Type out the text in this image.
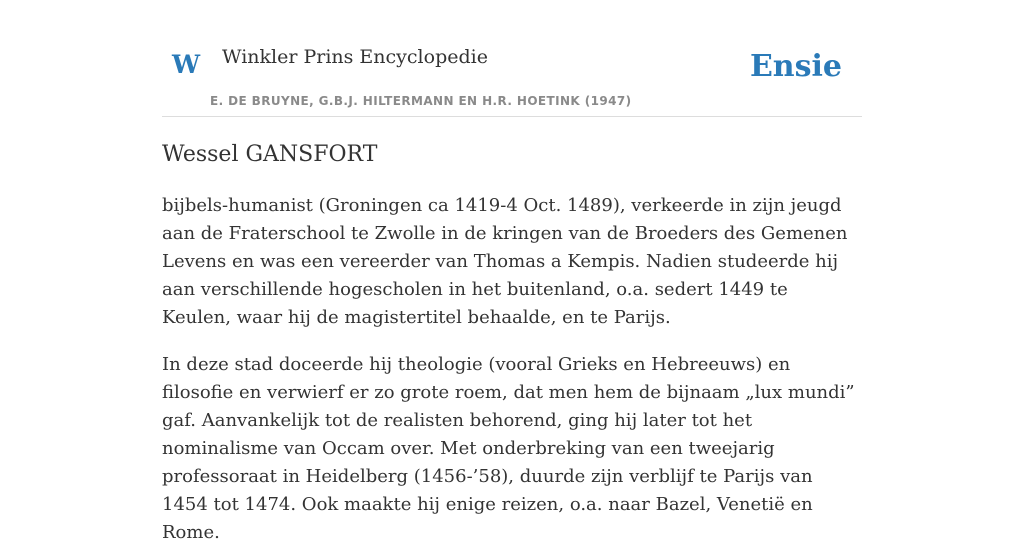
W Winkler Prins Encyclopedie
E. DE BRUYNE, G.B.J. HILTERMANN EN H.R. HOETINK (1947)
Ensie
Wessel GANSFORT

bijbels-humanist (Groningen ca 1419-4 Oct. 1489), verkeerde in zijn jeugd aan de Fraterschool te Zwolle in de kringen van de Broeders des Gemenen Levens en was een vereerder van Thomas a Kempis. Nadien studeerde hij aan verschillende hogescholen in het buitenland, o.a. sedert 1449 te Keulen, waar hij de magistertitel behaalde, en te Parijs.

In deze stad doceerde hij theologie (vooral Grieks en Hebreeuws) en filosofie en verwierf er zo grote roem, dat men hem de bijnaam „lux mundi” gaf. Aanvankelijk tot de realisten behorend, ging hij later tot het nominalisme van Occam over. Met onderbreking van een tweejarig professoraat in Heidelberg (1456-’58), duurde zijn verblijf te Parijs van 1454 tot 1474. Ook maakte hij enige reizen, o.a. naar Bazel, Venetië en Rome.
